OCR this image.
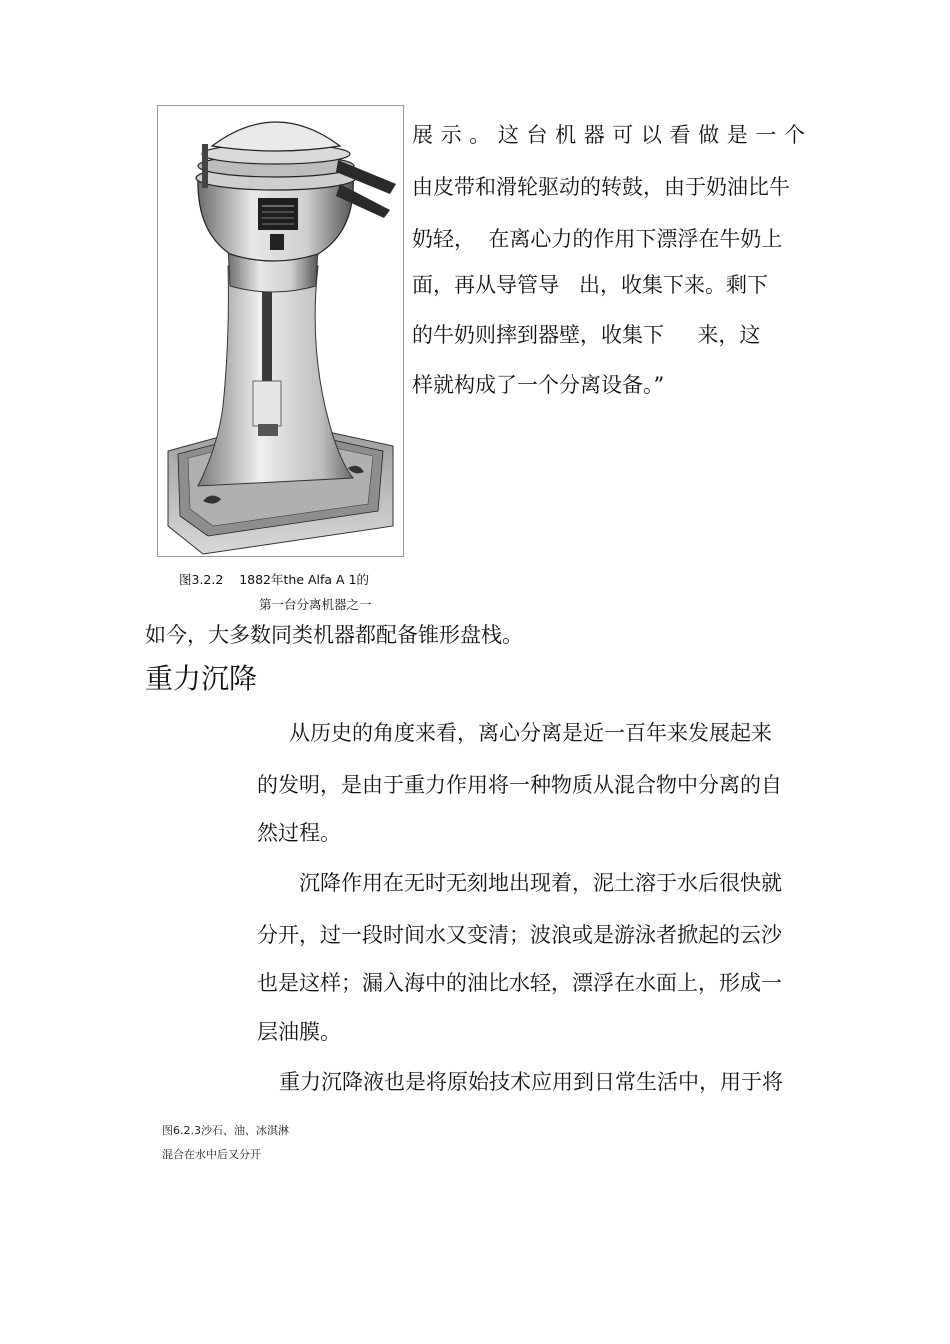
展示。这台机器可以看做是一个
由皮带和滑轮驱动的转鼓，由于奶油比牛
奶轻，  在离心力的作用下漂浮在牛奶上
面，再从导管导   出，收集下来。剩下
的牛奶则摔到器壁，收集下     来，这
样就构成了一个分离设备。”
图3.2.2    1882年the Alfa A 1的
第一台分离机器之一
如今，大多数同类机器都配备锥形盘栈。
重力沉降
从历史的角度来看，离心分离是近一百年来发展起来
的发明，是由于重力作用将一种物质从混合物中分离的自
然过程。
沉降作用在无时无刻地出现着，泥土溶于水后很快就
分开，过一段时间水又变清；波浪或是游泳者掀起的云沙
也是这样；漏入海中的油比水轻，漂浮在水面上，形成一
层油膜。
重力沉降液也是将原始技术应用到日常生活中，用于将
图6.2.3沙石、油、冰淇淋
混合在水中后又分开
